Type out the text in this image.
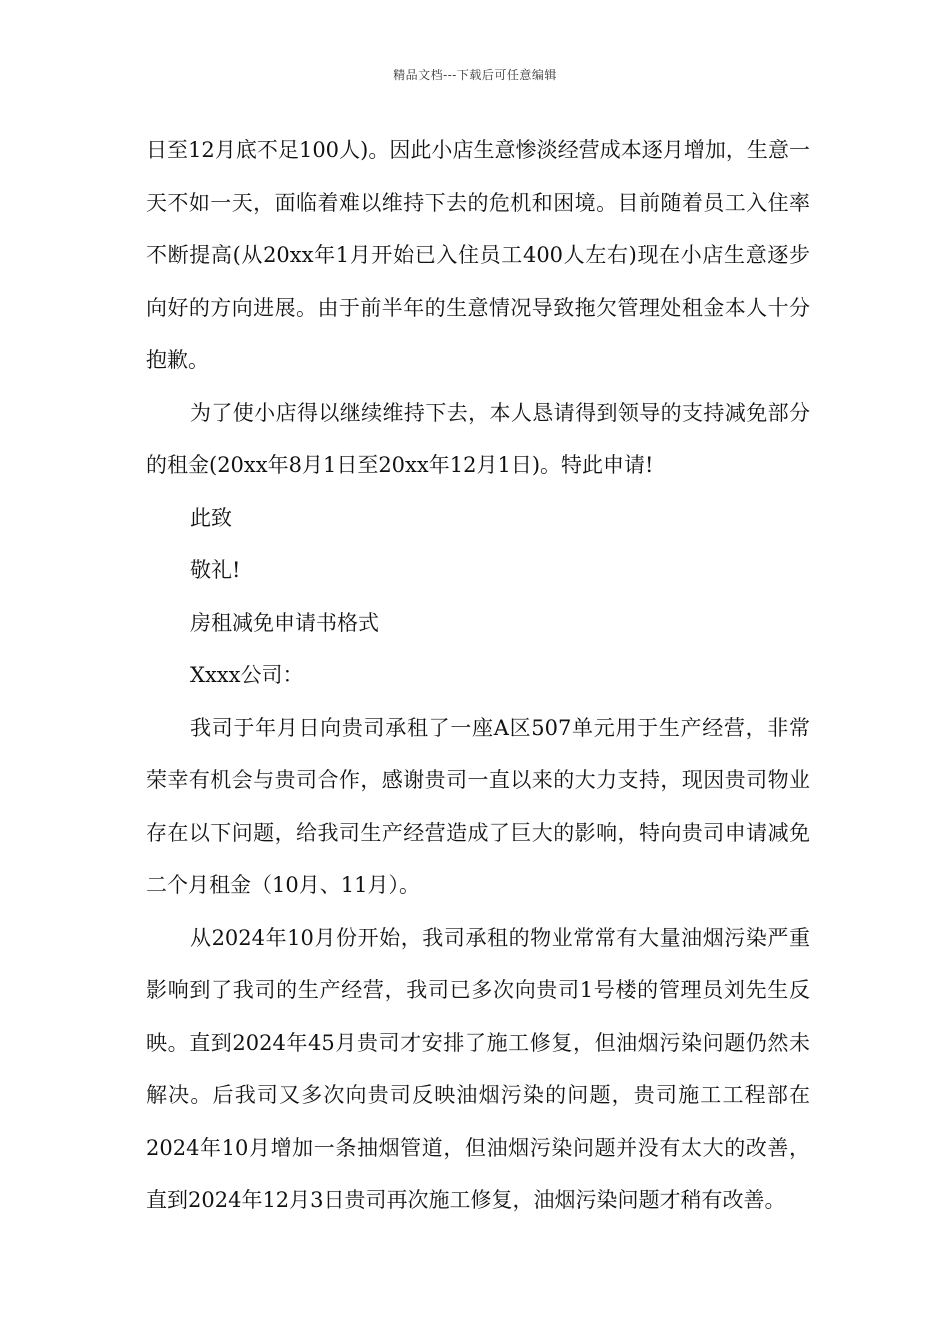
精品文档---下载后可任意编辑

日至12月底不足100人)。因此小店生意惨淡经营成本逐月增加，生意一天不如一天，面临着难以维持下去的危机和困境。目前随着员工入住率不断提高(从20xx年1月开始已入住员工400人左右)现在小店生意逐步向好的方向进展。由于前半年的生意情况导致拖欠管理处租金本人十分抱歉。

为了使小店得以继续维持下去，本人恳请得到领导的支持减免部分的租金(20xx年8月1日至20xx年12月1日)。特此申请!

此致

敬礼!

房租减免申请书格式

Xxxx公司：

我司于年月日向贵司承租了一座A区507单元用于生产经营，非常荣幸有机会与贵司合作，感谢贵司一直以来的大力支持，现因贵司物业存在以下问题，给我司生产经营造成了巨大的影响，特向贵司申请减免二个月租金（10月、11月）。

从2024年10月份开始，我司承租的物业常常有大量油烟污染严重影响到了我司的生产经营，我司已多次向贵司1号楼的管理员刘先生反映。直到2024年45月贵司才安排了施工修复，但油烟污染问题仍然未解决。后我司又多次向贵司反映油烟污染的问题，贵司施工工程部在2024年10月增加一条抽烟管道，但油烟污染问题并没有太大的改善，直到2024年12月3日贵司再次施工修复，油烟污染问题才稍有改善。
